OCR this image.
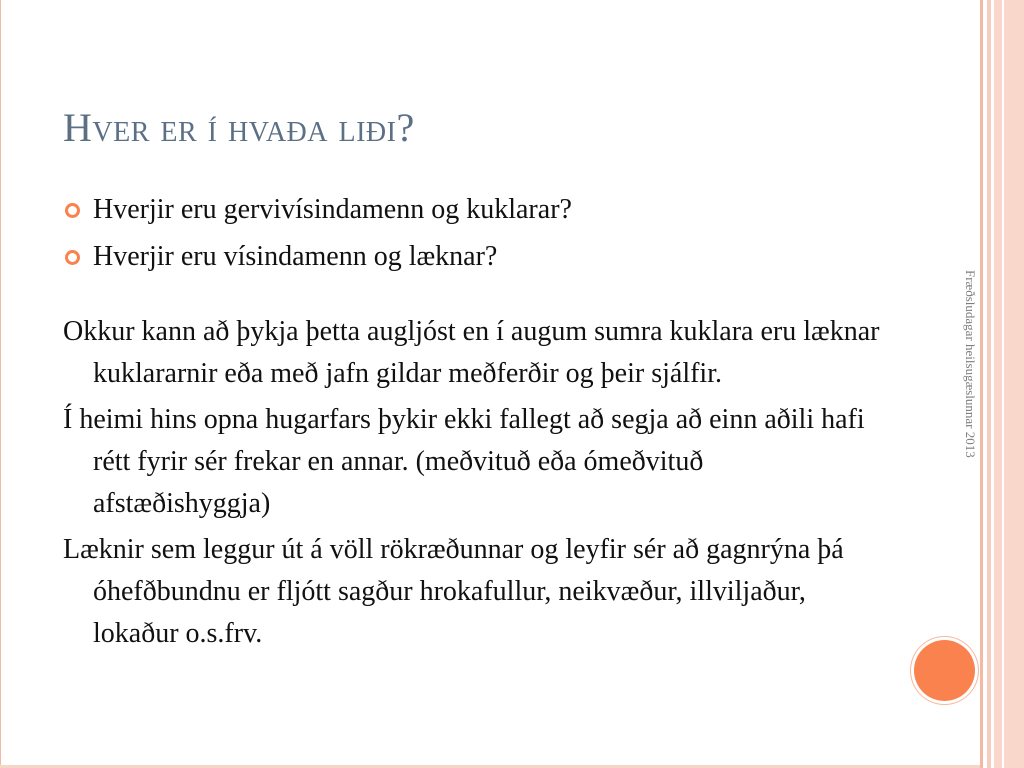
Fræðsludagar heilsugæslunnar 2013
Hver er í hvaða liði?
Hverjir eru gervivísindamenn og kuklarar?
Hverjir eru vísindamenn og læknar?

Okkur kann að þykja þetta augljóst en í augum sumra kuklara eru læknar kuklararnir eða með jafn gildar meðferðir og þeir sjálfir.

Í heimi hins opna hugarfars þykir ekki fallegt að segja að einn aðili hafi rétt fyrir sér frekar en annar. (meðvituð eða ómeðvituð afstæðishyggja)

Læknir sem leggur út á völl rökræðunnar og leyfir sér að gagnrýna þá óhefðbundnu er fljótt sagður hrokafullur, neikvæður, illviljaður, lokaður o.s.frv.
